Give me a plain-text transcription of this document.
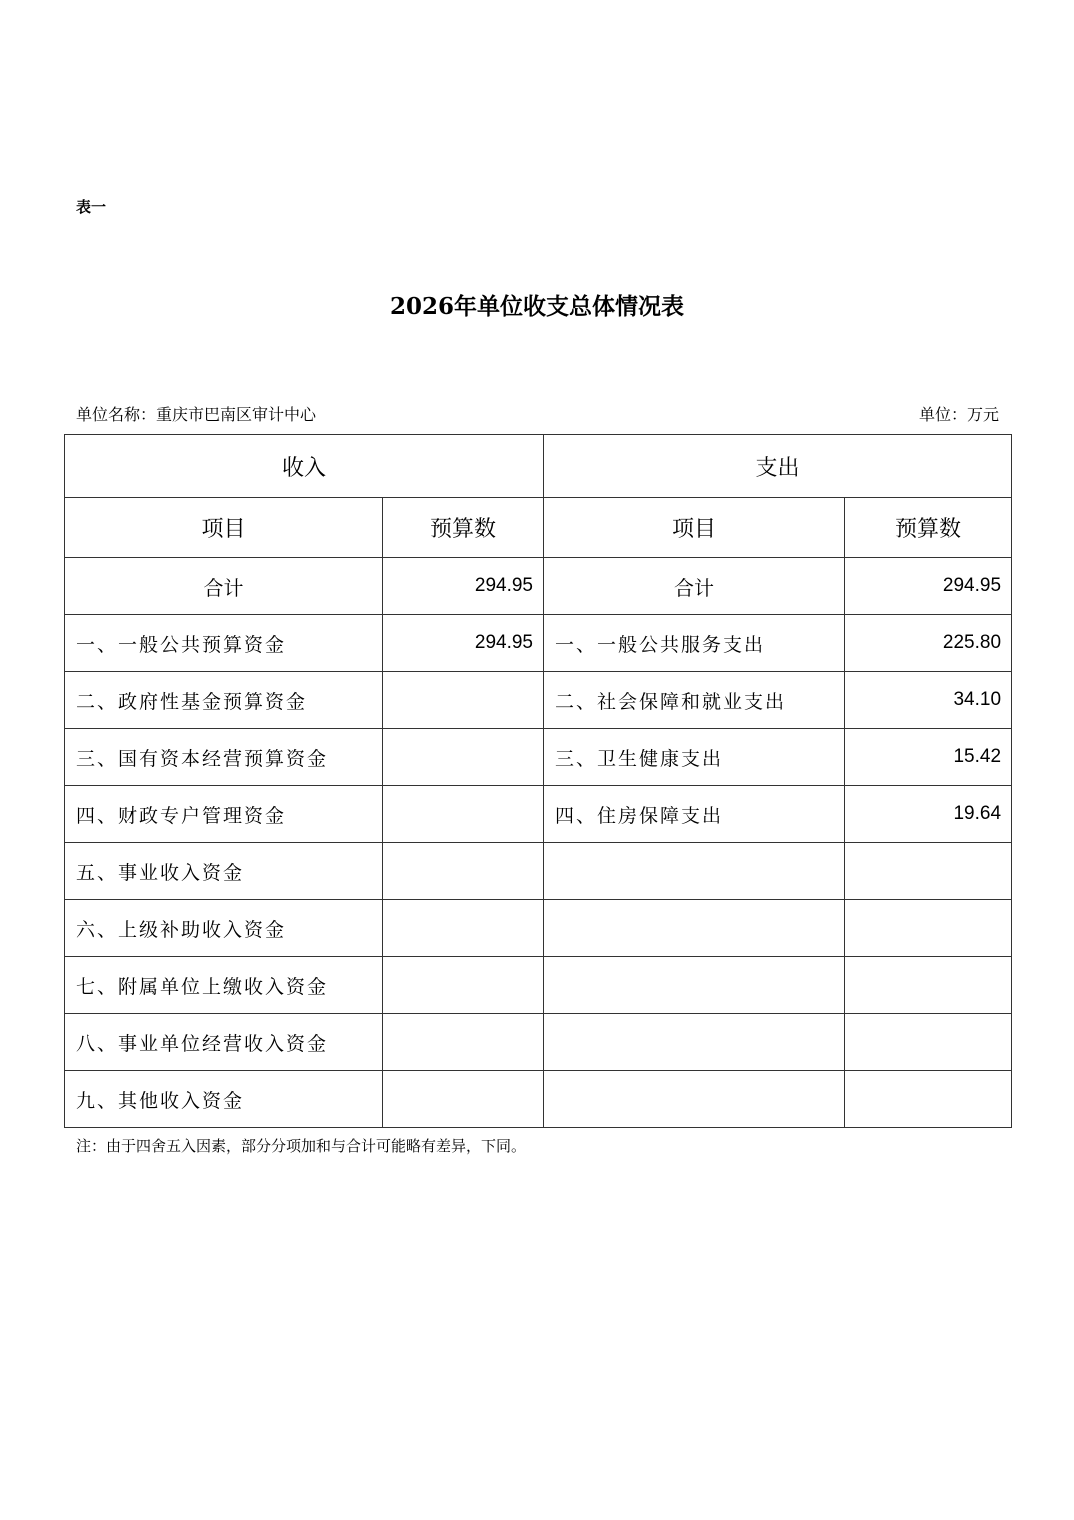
表一
2026年单位收支总体情况表
单位名称：重庆市巴南区审计中心	单位：万元
收入		支出	
项目	预算数	项目	预算数
合计	294.95	合计	294.95
一、一般公共预算资金	294.95	一、一般公共服务支出	225.80
二、政府性基金预算资金		二、社会保障和就业支出	34.10
三、国有资本经营预算资金		三、卫生健康支出	15.42
四、财政专户管理资金		四、住房保障支出	19.64
五、事业收入资金			
六、上级补助收入资金			
七、附属单位上缴收入资金			
八、事业单位经营收入资金			
九、其他收入资金			
注：由于四舍五入因素，部分分项加和与合计可能略有差异，下同。
